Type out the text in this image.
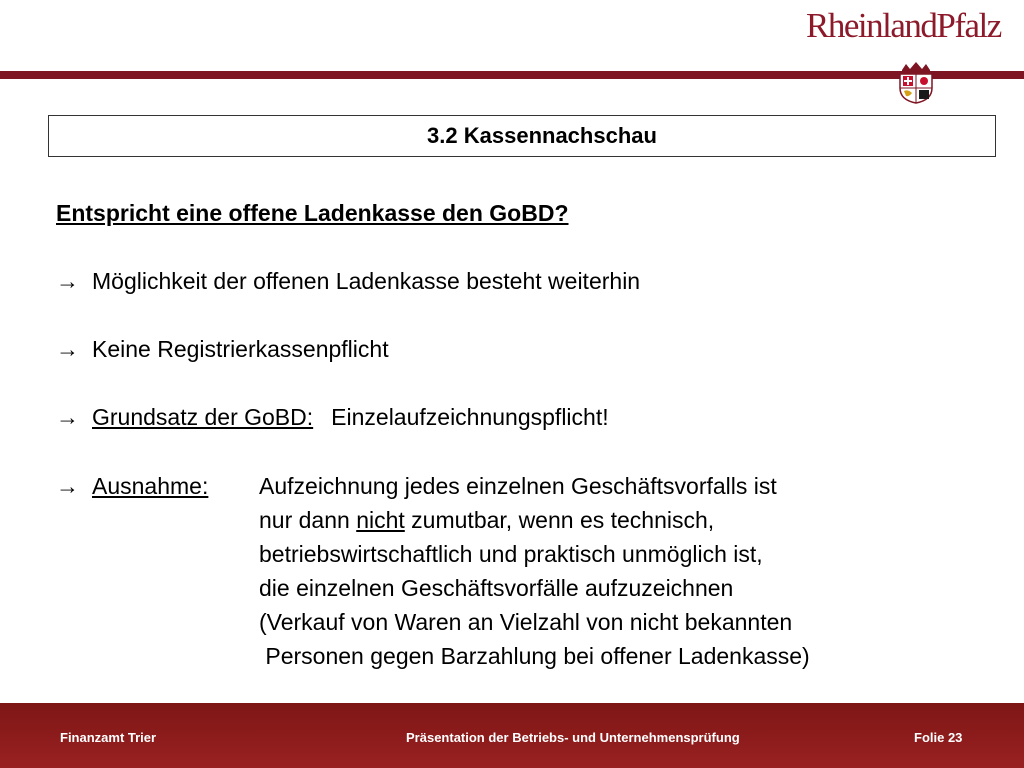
RheinlandPfalz
3.2 Kassennachschau
Entspricht eine offene Ladenkasse den GoBD?
→ Möglichkeit der offenen Ladenkasse besteht weiterhin
→ Keine Registrierkassenpflicht
→ Grundsatz der GoBD: Einzelaufzeichnungspflicht!
→ Ausnahme: Aufzeichnung jedes einzelnen Geschäftsvorfalls ist
nur dann nicht zumutbar, wenn es technisch,
betriebswirtschaftlich und praktisch unmöglich ist,
die einzelnen Geschäftsvorfälle aufzuzeichnen
(Verkauf von Waren an Vielzahl von nicht bekannten
Personen gegen Barzahlung bei offener Ladenkasse)
Finanzamt Trier	Präsentation der Betriebs- und Unternehmensprüfung	Folie 23
